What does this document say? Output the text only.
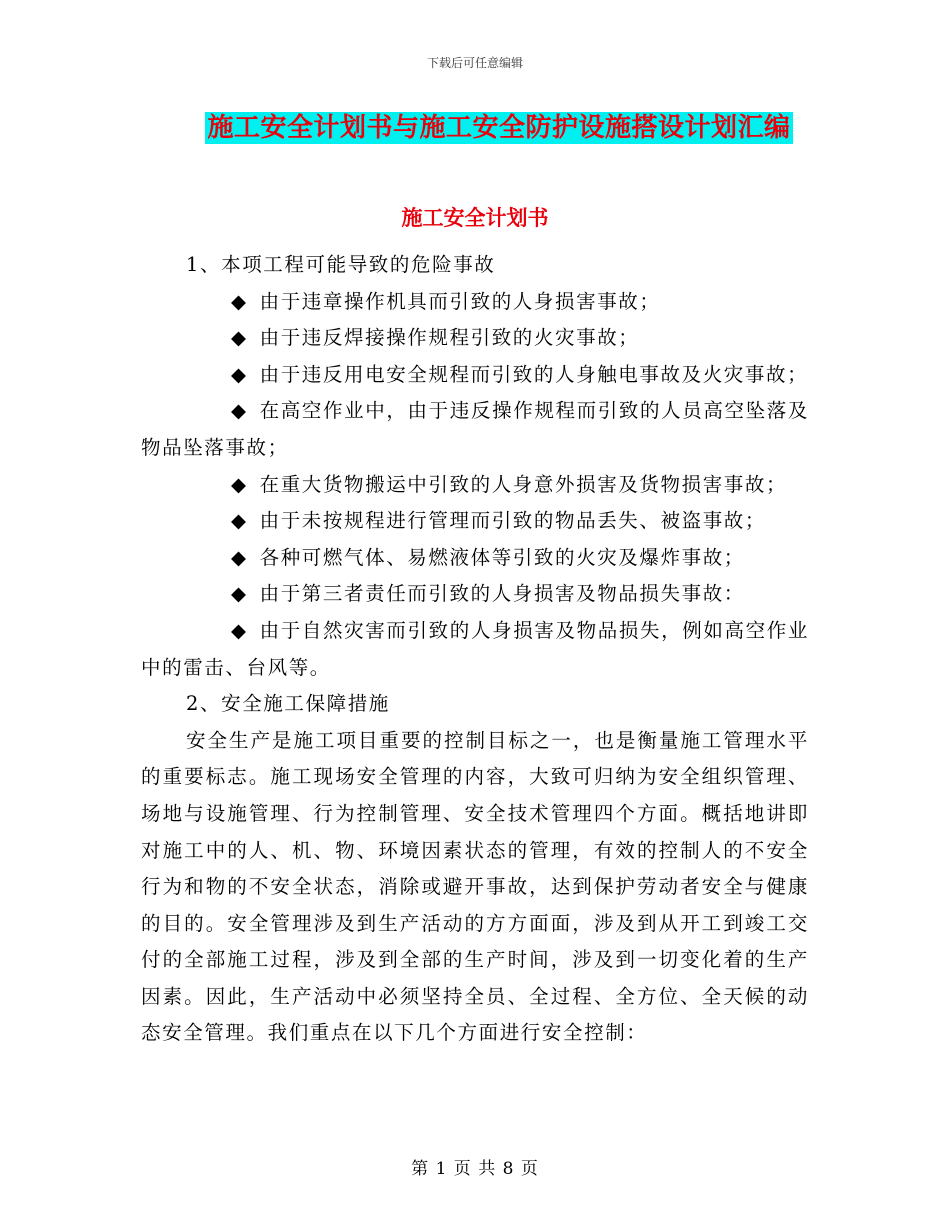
下载后可任意编辑
施工安全计划书与施工安全防护设施搭设计划汇编
施工安全计划书

1、本项工程可能导致的危险事故

◆ 由于违章操作机具而引致的人身损害事故；

◆ 由于违反焊接操作规程引致的火灾事故；

◆ 由于违反用电安全规程而引致的人身触电事故及火灾事故；

◆ 在高空作业中，由于违反操作规程而引致的人员高空坠落及物品坠落事故；

◆ 在重大货物搬运中引致的人身意外损害及货物损害事故；

◆ 由于未按规程进行管理而引致的物品丢失、被盗事故；

◆ 各种可燃气体、易燃液体等引致的火灾及爆炸事故；

◆ 由于第三者责任而引致的人身损害及物品损失事故：

◆ 由于自然灾害而引致的人身损害及物品损失，例如高空作业中的雷击、台风等。

2、安全施工保障措施

安全生产是施工项目重要的控制目标之一，也是衡量施工管理水平的重要标志。施工现场安全管理的内容，大致可归纳为安全组织管理、场地与设施管理、行为控制管理、安全技术管理四个方面。概括地讲即对施工中的人、机、物、环境因素状态的管理，有效的控制人的不安全行为和物的不安全状态，消除或避开事故，达到保护劳动者安全与健康的目的。安全管理涉及到生产活动的方方面面，涉及到从开工到竣工交付的全部施工过程，涉及到全部的生产时间，涉及到一切变化着的生产因素。因此，生产活动中必须坚持全员、全过程、全方位、全天候的动态安全管理。我们重点在以下几个方面进行安全控制：

第 1 页 共 8 页
